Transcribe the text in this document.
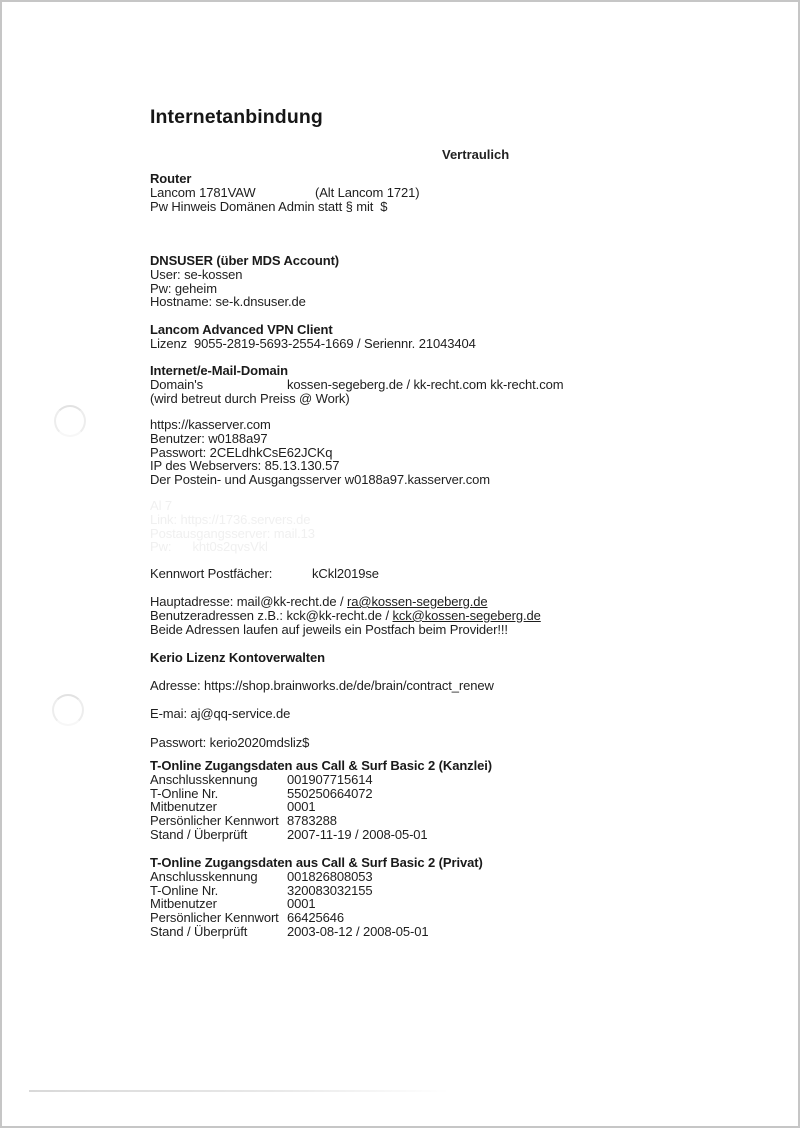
Internetanbindung
Vertraulich
Router
Lancom 1781VAW	(Alt Lancom 1721)
Pw Hinweis Domänen Admin statt § mit  $
DNSUSER (über MDS Account)
User: se-kossen
Pw: geheim
Hostname: se-k.dnsuser.de
Lancom Advanced VPN Client
Lizenz  9055-2819-5693-2554-1669 / Seriennr. 21043404
Internet/e-Mail-Domain
Domain's	kossen-segeberg.de / kk-recht.com kk-recht.com
(wird betreut durch Preiss @ Work)
https://kasserver.com
Benutzer: w0188a97
Passwort: 2CELdhkCsE62JCKq
IP des Webservers: 85.13.130.57
Der Postein- und Ausgangsserver w0188a97.kasserver.com
Al 7
Link: https://1736.servers.de
Postausgangsserver: mail.13
Pw:      kht0s2qvsVkl
Kennwort Postfächer:	kCkl2019se
Hauptadresse: mail@kk-recht.de / ra@kossen-segeberg.de
Benutzeradressen z.B.: kck@kk-recht.de / kck@kossen-segeberg.de
Beide Adressen laufen auf jeweils ein Postfach beim Provider!!!
Kerio Lizenz Kontoverwalten
Adresse: https://shop.brainworks.de/de/brain/contract_renew
E-mai: aj@qq-service.de
Passwort: kerio2020mdsliz$
T-Online Zugangsdaten aus Call & Surf Basic 2 (Kanzlei)
Anschlusskennung 001907715614
T-Online Nr.	550250664072
Mitbenutzer	0001
Persönlicher Kennwort 8783288
Stand / Überprüft	2007-11-19 / 2008-05-01
T-Online Zugangsdaten aus Call & Surf Basic 2 (Privat)
Anschlusskennung 001826808053
T-Online Nr.	320083032155
Mitbenutzer	0001
Persönlicher Kennwort 66425646
Stand / Überprüft	2003-08-12 / 2008-05-01
